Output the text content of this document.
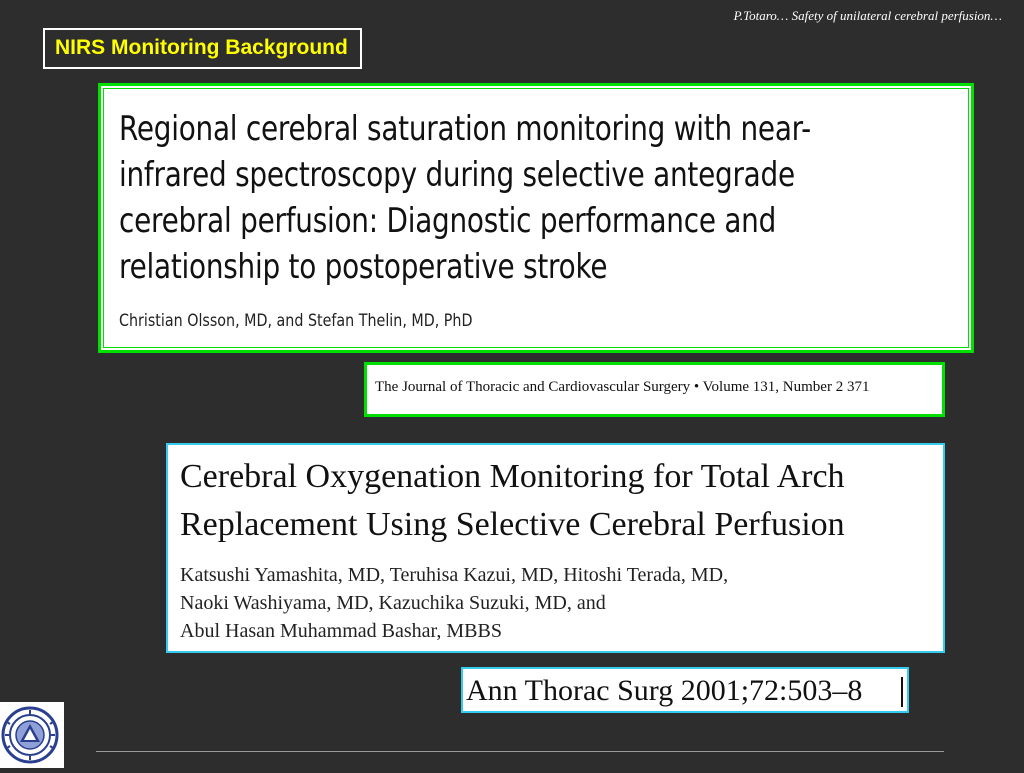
P.Totaro… Safety of unilateral cerebral perfusion…
NIRS Monitoring Background
Regional cerebral saturation monitoring with near-infrared spectroscopy during selective antegrade cerebral perfusion: Diagnostic performance and relationship to postoperative stroke
Christian Olsson, MD, and Stefan Thelin, MD, PhD
The Journal of Thoracic and Cardiovascular Surgery • Volume 131, Number 2 371
Cerebral Oxygenation Monitoring for Total Arch
Replacement Using Selective Cerebral Perfusion
Katsushi Yamashita, MD, Teruhisa Kazui, MD, Hitoshi Terada, MD,
Naoki Washiyama, MD, Kazuchika Suzuki, MD, and
Abul Hasan Muhammad Bashar, MBBS
Ann Thorac Surg 2001;72:503–8
